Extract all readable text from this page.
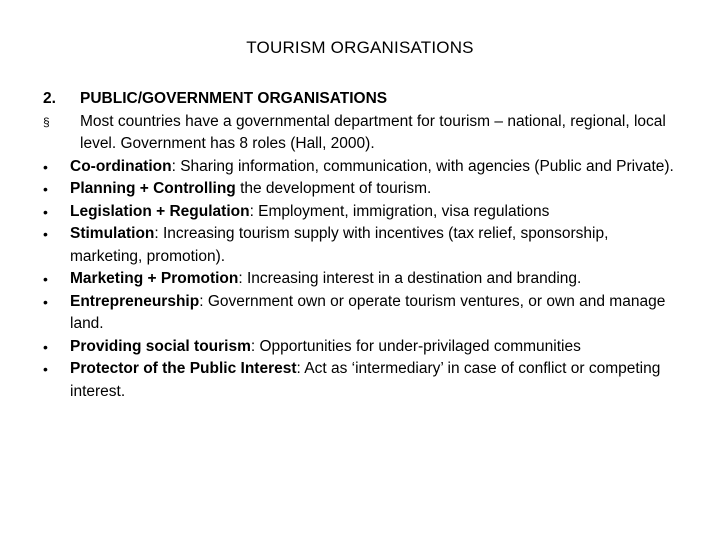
TOURISM ORGANISATIONS
2.	PUBLIC/GOVERNMENT ORGANISATIONS
§	Most countries have a governmental department for tourism – national, regional, local level. Government has 8 roles (Hall, 2000).
•	Co-ordination: Sharing information, communication, with agencies (Public and Private).
•	Planning + Controlling the development of tourism.
•	Legislation + Regulation: Employment, immigration, visa regulations
•	Stimulation: Increasing tourism supply with incentives (tax relief, sponsorship, marketing, promotion).
•	Marketing + Promotion: Increasing interest in a destination and branding.
•	Entrepreneurship: Government own or operate tourism ventures, or own and manage land.
•	Providing social tourism: Opportunities for under-privilaged communities
•	Protector of the Public Interest: Act as ‘intermediary’ in case of conflict or competing interest.
